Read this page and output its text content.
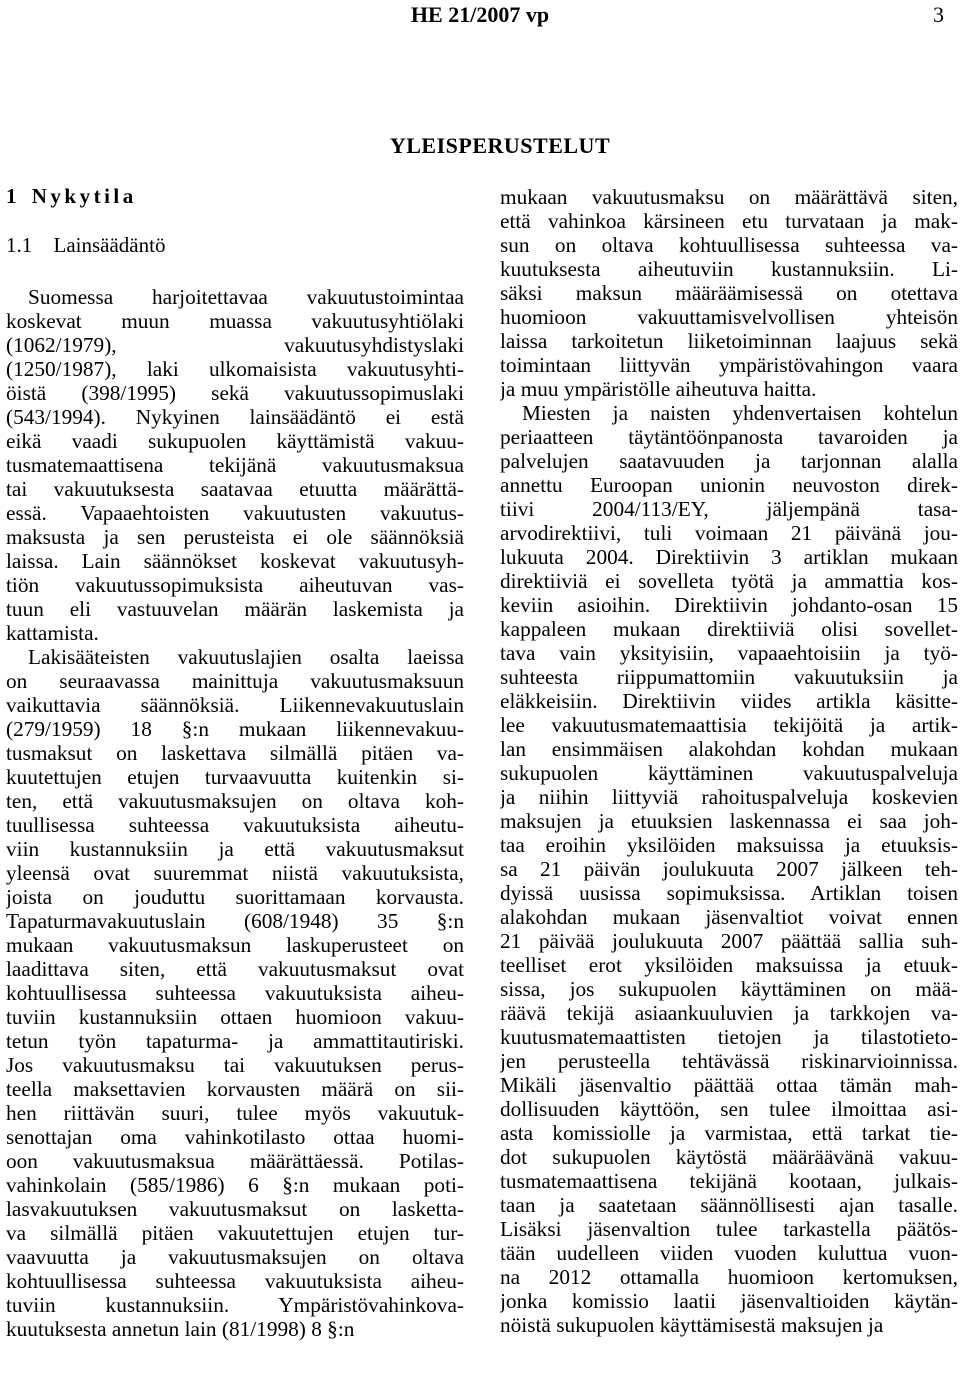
HE 21/2007 vp	3
YLEISPERUSTELUT
1 Nykytila
1.1 Lainsäädäntö
Suomessa harjoitettavaa vakuutustoimintaa
koskevat muun muassa vakuutusyhtiölaki
(1062/1979), vakuutusyhdistyslaki
(1250/1987), laki ulkomaisista vakuutusyhti-
öistä (398/1995) sekä vakuutussopimuslaki
(543/1994). Nykyinen lainsäädäntö ei estä
eikä vaadi sukupuolen käyttämistä vakuu-
tusmatemaattisena tekijänä vakuutusmaksua
tai vakuutuksesta saatavaa etuutta määrättä-
essä. Vapaaehtoisten vakuutusten vakuutus-
maksusta ja sen perusteista ei ole säännöksiä
laissa. Lain säännökset koskevat vakuutusyh-
tiön vakuutussopimuksista aiheutuvan vas-
tuun eli vastuuvelan määrän laskemista ja
kattamista.
Lakisääteisten vakuutuslajien osalta laeissa
on seuraavassa mainittuja vakuutusmaksuun
vaikuttavia säännöksiä. Liikennevakuutuslain
(279/1959) 18 §:n mukaan liikennevakuu-
tusmaksut on laskettava silmällä pitäen va-
kuutettujen etujen turvaavuutta kuitenkin si-
ten, että vakuutusmaksujen on oltava koh-
tuullisessa suhteessa vakuutuksista aiheutu-
viin kustannuksiin ja että vakuutusmaksut
yleensä ovat suuremmat niistä vakuutuksista,
joista on jouduttu suorittamaan korvausta.
Tapaturmavakuutuslain (608/1948) 35 §:n
mukaan vakuutusmaksun laskuperusteet on
laadittava siten, että vakuutusmaksut ovat
kohtuullisessa suhteessa vakuutuksista aiheu-
tuviin kustannuksiin ottaen huomioon vakuu-
tetun työn tapaturma- ja ammattitautiriski.
Jos vakuutusmaksu tai vakuutuksen perus-
teella maksettavien korvausten määrä on sii-
hen riittävän suuri, tulee myös vakuutuk-
senottajan oma vahinkotilasto ottaa huomi-
oon vakuutusmaksua määrättäessä. Potilas-
vahinkolain (585/1986) 6 §:n mukaan poti-
lasvakuutuksen vakuutusmaksut on laskettа-
va silmällä pitäen vakuutettujen etujen tur-
vaavuutta ja vakuutusmaksujen on oltava
kohtuullisessa suhteessa vakuutuksista aiheu-
tuviin kustannuksiin. Ympäristövahinkova-
kuutuksesta annetun lain (81/1998) 8 §:n
mukaan vakuutusmaksu on määrättävä siten,
että vahinkoa kärsineen etu turvataan ja mak-
sun on oltava kohtuullisessa suhteessa va-
kuutuksesta aiheutuviin kustannuksiin. Li-
säksi maksun määräämisessä on otettava
huomioon vakuuttamisvelvollisen yhteisön
laissa tarkoitetun liiketoiminnan laajuus sekä
toimintaan liittyvän ympäristövahingon vaara
ja muu ympäristölle aiheutuva haitta.
Miesten ja naisten yhdenvertaisen kohtelun
periaatteen täytäntöönpanosta tavaroiden ja
palvelujen saatavuuden ja tarjonnan alalla
annettu Euroopan unionin neuvoston direk-
tiivi 2004/113/EY, jäljempänä tasa-
arvodirektiivi, tuli voimaan 21 päivänä jou-
lukuuta 2004. Direktiivin 3 artiklan mukaan
direktiiviä ei sovelleta työtä ja ammattia kos-
keviin asioihin. Direktiivin johdanto-osan 15
kappaleen mukaan direktiiviä olisi sovellet-
tava vain yksityisiin, vapaaehtoisiin ja työ-
suhteesta riippumattomiin vakuutuksiin ja
eläkkeisiin. Direktiivin viides artikla käsitte-
lee vakuutusmatemaattisia tekijöitä ja artik-
lan ensimmäisen alakohdan kohdan mukaan
sukupuolen käyttäminen vakuutuspalveluja
ja niihin liittyviä rahoituspalveluja koskevien
maksujen ja etuuksien laskennassa ei saa joh-
taa eroihin yksilöiden maksuissa ja etuuksis-
sa 21 päivän joulukuuta 2007 jälkeen teh-
dyissä uusissa sopimuksissa. Artiklan toisen
alakohdan mukaan jäsenvaltiot voivat ennen
21 päivää joulukuuta 2007 päättää sallia suh-
teelliset erot yksilöiden maksuissa ja etuuk-
sissa, jos sukupuolen käyttäminen on mää-
räävä tekijä asiaankuuluvien ja tarkkojen va-
kuutusmatemaattisten tietojen ja tilastotieto-
jen perusteella tehtävässä riskinarvioinnissa.
Mikäli jäsenvaltio päättää ottaa tämän mah-
dollisuuden käyttöön, sen tulee ilmoittaa asi-
asta komissiolle ja varmistaa, että tarkat tie-
dot sukupuolen käytöstä määräävänä vakuu-
tusmatemaattisena tekijänä kootaan, julkais-
taan ja saatetaan säännöllisesti ajan tasalle.
Lisäksi jäsenvaltion tulee tarkastella päätös-
tään uudelleen viiden vuoden kuluttua vuon-
na 2012 ottamalla huomioon kertomuksen,
jonka komissio laatii jäsenvaltioiden käytän-
nöistä sukupuolen käyttämisestä maksujen ja
